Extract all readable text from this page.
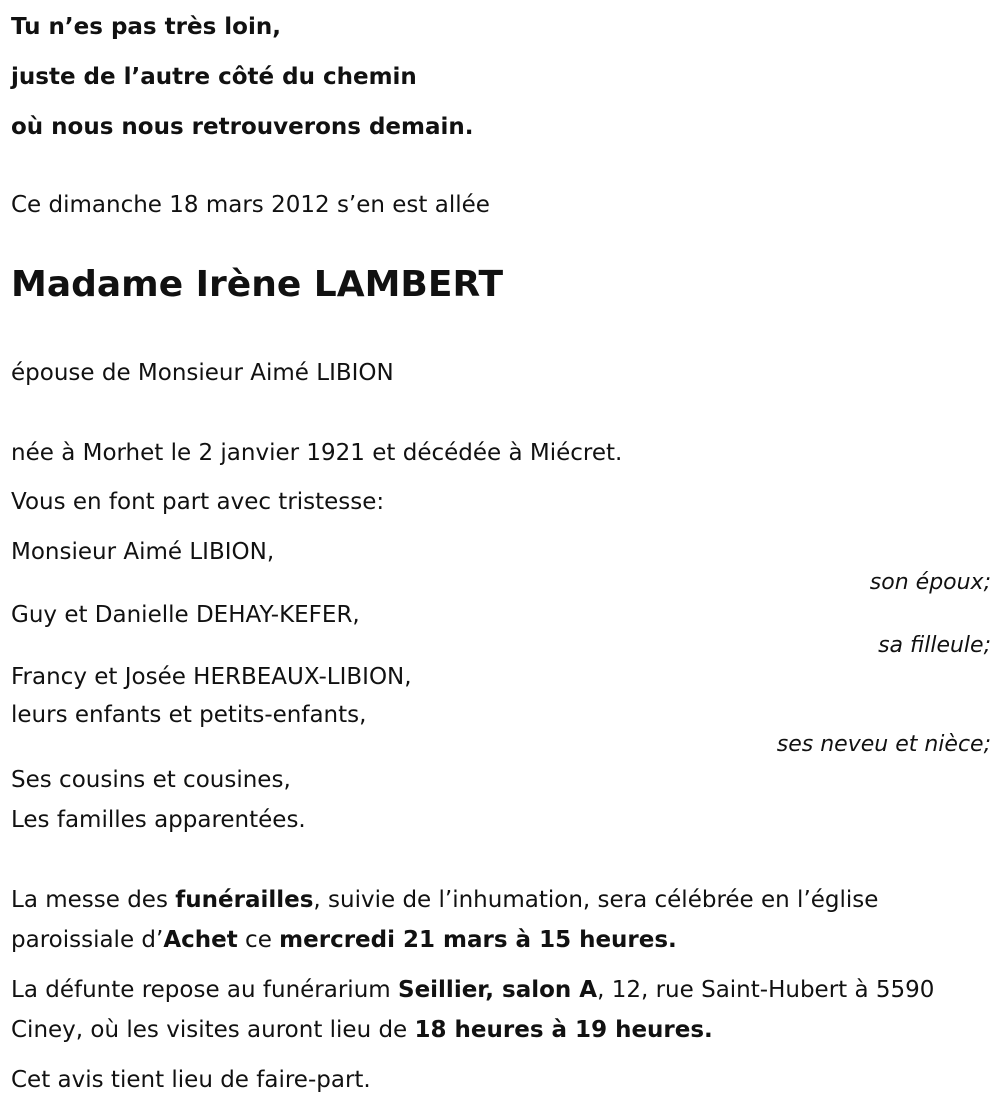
Tu n’es pas très loin,

juste de l’autre côté du chemin

où nous nous retrouverons demain.

Ce dimanche 18 mars 2012 s’en est allée

Madame Irène LAMBERT

épouse de Monsieur Aimé LIBION

née à Morhet le 2 janvier 1921 et décédée à Miécret.

Vous en font part avec tristesse:

Monsieur Aimé LIBION,

son époux;

Guy et Danielle DEHAY-KEFER,

sa filleule;

Francy et Josée HERBEAUX-LIBION,

leurs enfants et petits-enfants,

ses neveu et nièce;

Ses cousins et cousines,

Les familles apparentées.

La messe des funérailles, suivie de l’inhumation, sera célébrée en l’église paroissiale d’Achet ce mercredi 21 mars à 15 heures.

La défunte repose au funérarium Seillier, salon A, 12, rue Saint-Hubert à 5590 Ciney, où les visites auront lieu de 18 heures à 19 heures.

Cet avis tient lieu de faire-part.
